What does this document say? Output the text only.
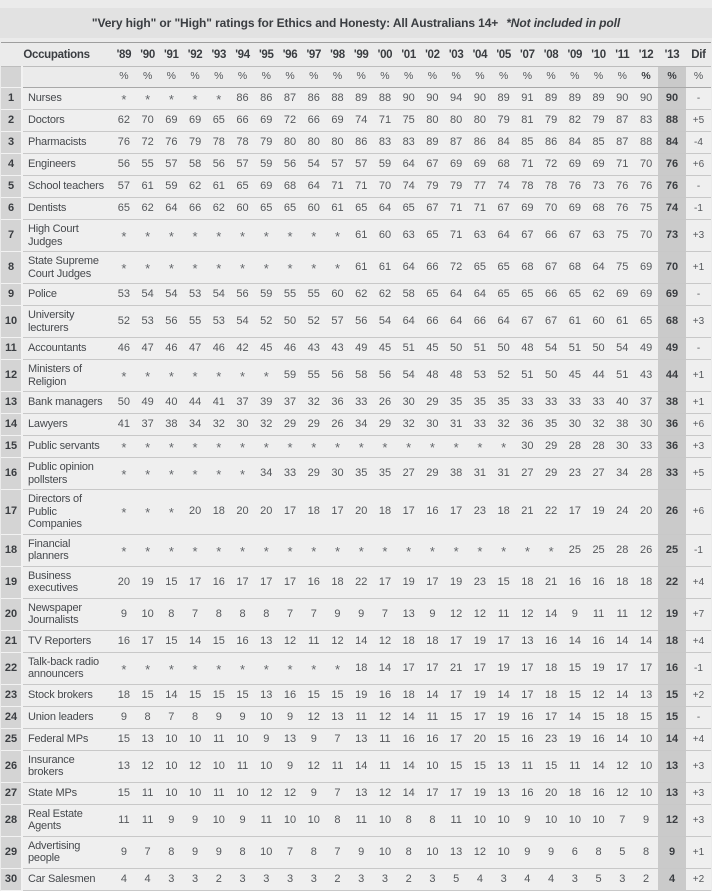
"Very high" or "High" ratings for Ethics and Honesty: All Australians 14+ *Not included in poll
Occupations		'89	'90	'91	'92	'93	'94	'95	'96	'97	'98	'99	'00	'01	'02	'03	'04	'05	'07	'08	'09	'10	'11	'12	'13	Dif
		%	%	%	%	%	%	%	%	%	%	%	%	%	%	%	%	%	%	%	%	%	%	%	%	%
1	Nurses	*	*	*	*	*	86	86	87	86	88	89	88	90	90	94	90	89	91	89	89	89	90	90	90	-
2	Doctors	62	70	69	69	65	66	69	72	66	69	74	71	75	80	80	80	79	81	79	82	79	87	83	88	+5
3	Pharmacists	76	72	76	79	78	78	79	80	80	80	86	83	83	89	87	86	84	85	86	84	85	87	88	84	-4
4	Engineers	56	55	57	58	56	57	59	56	54	57	57	59	64	67	69	69	68	71	72	69	69	71	70	76	+6
5	School teachers	57	61	59	62	61	65	69	68	64	71	71	70	74	79	79	77	74	78	78	76	73	76	76	76	-
6	Dentists	65	62	64	66	62	60	65	65	60	61	65	64	65	67	71	71	67	69	70	69	68	76	75	74	-1
7	High Court Judges	*	*	*	*	*	*	*	*	*	*	61	60	63	65	71	63	64	67	66	67	63	75	70	73	+3
8	State Supreme Court Judges	*	*	*	*	*	*	*	*	*	*	61	61	64	66	72	65	65	68	67	68	64	75	69	70	+1
9	Police	53	54	54	53	54	56	59	55	55	60	62	62	58	65	64	64	65	65	66	65	62	69	69	69	-
10	University lecturers	52	53	56	55	53	54	52	50	52	57	56	54	64	66	64	66	64	67	67	61	60	61	65	68	+3
11	Accountants	46	47	46	47	46	42	45	46	43	43	49	45	51	45	50	51	50	48	54	51	50	54	49	49	-
12	Ministers of Religion	*	*	*	*	*	*	*	59	55	56	58	56	54	48	48	53	52	51	50	45	44	51	43	44	+1
13	Bank managers	50	49	40	44	41	37	39	37	32	36	33	26	30	29	35	35	35	33	33	33	33	40	37	38	+1
14	Lawyers	41	37	38	34	32	30	32	29	29	26	34	29	32	30	31	33	32	36	35	30	32	38	30	36	+6
15	Public servants	*	*	*	*	*	*	*	*	*	*	*	*	*	*	*	*	*	30	29	28	28	30	33	36	+3
16	Public opinion pollsters	*	*	*	*	*	*	34	33	29	30	35	35	27	29	38	31	31	27	29	23	27	34	28	33	+5
17	Directors of Public Companies	*	*	*	20	18	20	20	17	18	17	20	18	17	16	17	23	18	21	22	17	19	24	20	26	+6
18	Financial planners	*	*	*	*	*	*	*	*	*	*	*	*	*	*	*	*	*	*	*	25	25	28	26	25	-1
19	Business executives	20	19	15	17	16	17	17	17	16	18	22	17	19	17	19	23	15	18	21	16	16	18	18	22	+4
20	Newspaper Journalists	9	10	8	7	8	8	8	7	7	9	9	7	13	9	12	12	11	12	14	9	11	11	12	19	+7
21	TV Reporters	16	17	15	14	15	16	13	12	11	12	14	12	18	18	17	19	17	13	16	14	16	14	14	18	+4
22	Talk-back radio announcers	*	*	*	*	*	*	*	*	*	*	18	14	17	17	21	17	19	17	18	15	19	17	17	16	-1
23	Stock brokers	18	15	14	15	15	15	13	16	15	15	19	16	18	14	17	19	14	17	18	15	12	14	13	15	+2
24	Union leaders	9	8	7	8	9	9	10	9	12	13	11	12	14	11	15	17	19	16	17	14	15	18	15	15	-
25	Federal MPs	15	13	10	10	11	10	9	13	9	7	13	11	16	16	17	20	15	16	23	19	16	14	10	14	+4
26	Insurance brokers	13	12	10	12	10	11	10	9	12	11	14	11	14	10	15	15	13	11	15	11	14	12	10	13	+3
27	State MPs	15	11	10	10	11	10	12	12	9	7	13	12	14	17	17	19	13	16	20	18	16	12	10	13	+3
28	Real Estate Agents	11	11	9	9	10	9	11	10	10	8	11	10	8	8	11	10	10	9	10	10	10	7	9	12	+3
29	Advertising people	9	7	8	9	9	8	10	7	8	7	9	10	8	10	13	12	10	9	9	6	8	5	8	9	+1
30	Car Salesmen	4	4	3	3	2	3	3	3	3	2	3	3	2	3	5	4	3	4	4	3	5	3	2	4	+2
